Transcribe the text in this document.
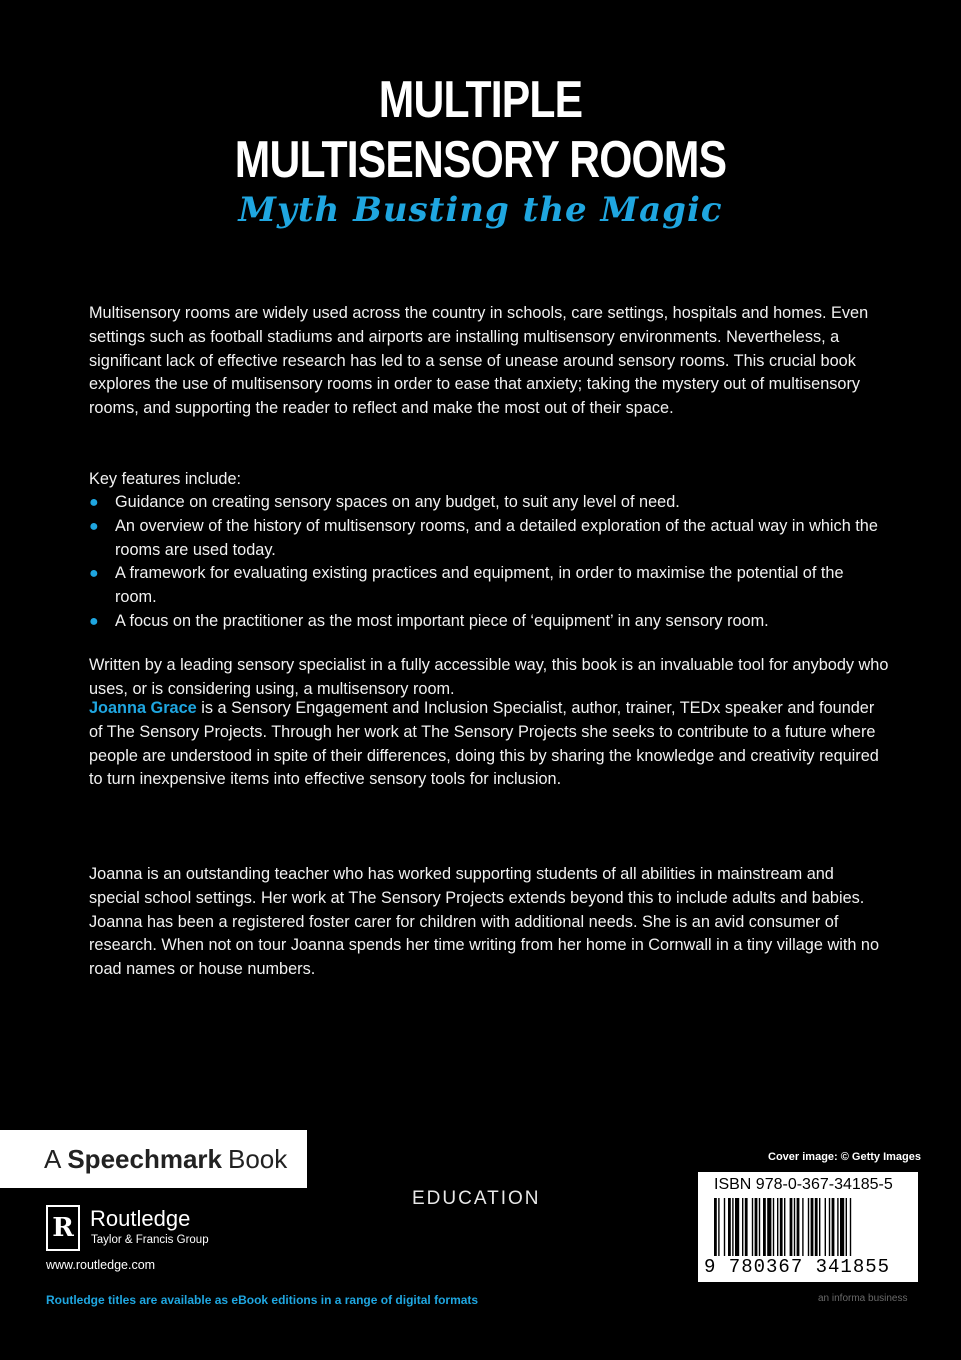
MULTIPLE
MULTISENSORY ROOMS
Myth Busting the Magic
Multisensory rooms are widely used across the country in schools, care settings, hospitals and homes. Even settings such as football stadiums and airports are installing multisensory environments. Nevertheless, a significant lack of effective research has led to a sense of unease around sensory rooms. This crucial book explores the use of multisensory rooms in order to ease that anxiety; taking the mystery out of multisensory rooms, and supporting the reader to reflect and make the most out of their space.
Key features include:
● Guidance on creating sensory spaces on any budget, to suit any level of need.
● An overview of the history of multisensory rooms, and a detailed exploration of the actual way in which the rooms are used today.
● A framework for evaluating existing practices and equipment, in order to maximise the potential of the room.
● A focus on the practitioner as the most important piece of ‘equipment’ in any sensory room.
Written by a leading sensory specialist in a fully accessible way, this book is an invaluable tool for anybody who uses, or is considering using, a multisensory room.
Joanna Grace is a Sensory Engagement and Inclusion Specialist, author, trainer, TEDx speaker and founder of The Sensory Projects. Through her work at The Sensory Projects she seeks to contribute to a future where people are understood in spite of their differences, doing this by sharing the knowledge and creativity required to turn inexpensive items into effective sensory tools for inclusion.
Joanna is an outstanding teacher who has worked supporting students of all abilities in mainstream and special school settings. Her work at The Sensory Projects extends beyond this to include adults and babies. Joanna has been a registered foster carer for children with additional needs. She is an avid consumer of research. When not on tour Joanna spends her time writing from her home in Cornwall in a tiny village with no road names or house numbers.
A Speechmark Book
R Routledge
Taylor & Francis Group
www.routledge.com
Routledge titles are available as eBook editions in a range of digital formats
EDUCATION
Cover image: © Getty Images
ISBN 978-0-367-34185-5
9 780367 341855
an informa business
